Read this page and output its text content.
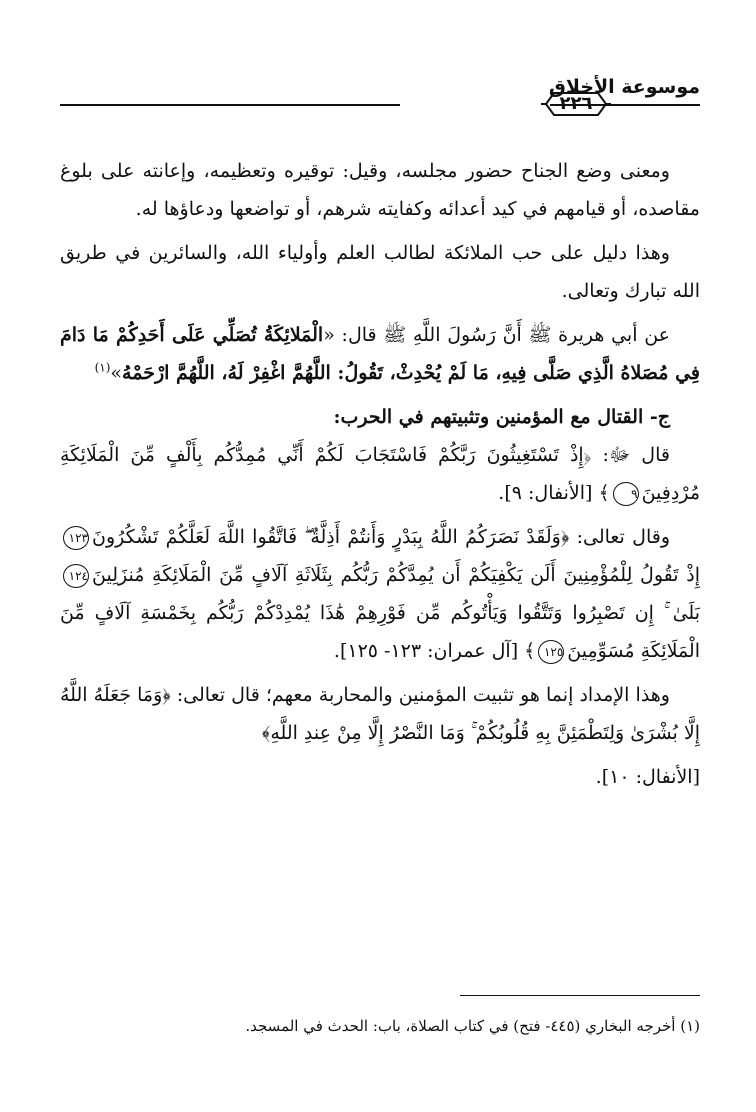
٢٢٦
موسوعة الأخلاق

ومعنى وضع الجناح حضور مجلسه، وقيل: توقيره وتعظيمه، وإعانته على بلوغ مقاصده، أو قيامهم في كيد أعدائه وكفايته شرهم، أو تواضعها ودعاؤها له.

وهذا دليل على حب الملائكة لطالب العلم وأولياء الله، والسائرين في طريق الله تبارك وتعالى.

عن أبي هريرة ﷺ أَنَّ رَسُولَ اللَّهِ ﷺ قال: «الْمَلائِكَةُ تُصَلِّي عَلَى أَحَدِكُمْ مَا دَامَ فِي مُصَلاهُ الَّذِي صَلَّى فِيهِ، مَا لَمْ يُحْدِثْ، تَقُولُ: اللَّهُمَّ اغْفِرْ لَهُ، اللَّهُمَّ ارْحَمْهُ»$^{(١)}$

ج- القتال مع المؤمنين وتثبيتهم في الحرب:

قال ﷻ: ﴿إِذْ تَسْتَغِيثُونَ رَبَّكُمْ فَاسْتَجَابَ لَكُمْ أَنِّي مُمِدُّكُم بِأَلْفٍ مِّنَ الْمَلَائِكَةِ مُرْدِفِينَ٩﴾ [الأنفال: ٩].

وقال تعالى: ﴿وَلَقَدْ نَصَرَكُمُ اللَّهُ بِبَدْرٍ وَأَنتُمْ أَذِلَّةٌ ۖ فَاتَّقُوا اللَّهَ لَعَلَّكُمْ تَشْكُرُونَ١٢٣ إِذْ تَقُولُ لِلْمُؤْمِنِينَ أَلَن يَكْفِيَكُمْ أَن يُمِدَّكُمْ رَبُّكُم بِثَلَاثَةِ آلَافٍ مِّنَ الْمَلَائِكَةِ مُنزَلِينَ١٢٤ بَلَىٰ ۚ إِن تَصْبِرُوا وَتَتَّقُوا وَيَأْتُوكُم مِّن فَوْرِهِمْ هَٰذَا يُمْدِدْكُمْ رَبُّكُم بِخَمْسَةِ آلَافٍ مِّنَ الْمَلَائِكَةِ مُسَوِّمِينَ١٢٥﴾ [آل عمران: ١٢٣- ١٢٥].

وهذا الإمداد إنما هو تثبيت المؤمنين والمحاربة معهم؛ قال تعالى: ﴿وَمَا جَعَلَهُ اللَّهُ إِلَّا بُشْرَىٰ وَلِتَطْمَئِنَّ بِهِ قُلُوبُكُمْ ۚ وَمَا النَّصْرُ إِلَّا مِنْ عِندِ اللَّهِ﴾

[الأنفال: ١٠].

(١) أخرجه البخاري (٤٤٥- فتح) في كتاب الصلاة، باب: الحدث في المسجد.
